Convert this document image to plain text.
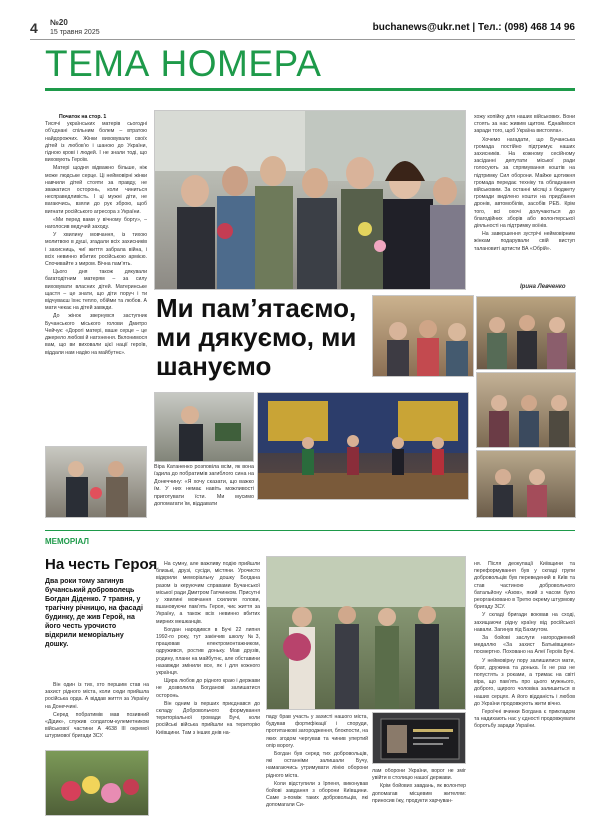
4 №20
15 травня 2025	buchanews@ukr.net | Тел.: (098) 468 14 96
ТЕМА НОМЕРА
Початок на стор. 1

Тисячі українських матерів сьогодні об’єднані спільним болем – втратою найдорожчих. Жінки виховували своїх дітей із любов’ю і шаною до України, гідною крові і людей. І не знали тоді, що виховують Героїв.

Матері щодня відважно більше, ніж може людське серце. Ці неймовірні жінки навчили дітей стояти за правду, не зважатися осторонь, коли чиниться несправедливість. І ці мужні діти, не вагаючись, взяли до рук зброю, щоб вигнати російського агресора з України.

«Ми перед вами у вічному боргу», – наголосив ведучий заходу.

У хвилину мовчання, із тихою молитвою в душі, згадали всіх захисників і захисниць, чиї життя забрала війна, і всіх невинно вбитих російською армією. Спочивайте з миром. Вічна пам’ять.

Цього дня також дякували багатодітним матерям – за силу виховувати власних дітей. Материнське щастя – це знати, що діти поруч і ти відчуваєш їхнє тепло, обійми та любов. А мати чекає на дітей завжди.

До жінок звернувся заступник Бучанського міського голови Дмитро Чейчук: «Дорогі матері, ваше серце – це джерело любові й натхнення. Вклонимося вам, що ви виховали цієї нації героїв, віддали нам надію на майбутнє».

Ми пам’ятаємо, ми дякуємо, ми шануємо

хожу копійку для наших військових. Вони стоять за нас живим щитом. Єднаймося заради того, щоб Україна вистояла».

Хочемо нагадати, що Бучанська громада постійно підтримує наших захисників. На кожному сесійному засіданні депутати міської ради голосують за спрямування коштів на підтримку Сил оборони. Майже щотижня громада передає техніку та обладнання військовим. За останні місяці з бюджету громади виділено кошти на придбання дронів, автомобілів, засобів РЕБ. Крім того, всі охочі долучаються до благодійних зборів або волонтерської діяльності на підтримку воїнів.

На завершення зустрічі неймовірним жінкам подарували свій виступ талановиті артисти ВА «Обрій».

Ірина Левченко
Віра Катаненко розповіла всім, як вона їздила до побратимів загиблого сина на Донеччину: «Я хочу сказати, що важко їм. У них немає навіть можливості приготувати їсти. Ми мусимо допомагати їм, віддавати
МЕМОРІАЛ
На честь Героя
Два роки тому загинув бучанський доброволець Богдан Діденко. 7 травня, у трагічну річницю, на фасаді будинку, де жив Герой, на його честь урочисто відкрили меморіальну дошку.

Він один із тих, хто першим став на захист рідного міста, коли сюди прийшла російська орда. А віддав життя за Україну на Донеччині.

Серед побратимів мав позивний «Дідик», служив солдатом-кулеметником військової частини А 4638 III окремої штурмової бригади ЗСУ.

На сумну, але важливу подію прийшли близькі, друзі, сусіди, містяни. Урочисто відкрили меморіальну дошку Богдана разом із керуючим справами Бучанської міської ради Дмитром Гапчинком. Присутні у хвилині мовчання схилили голови, вшановуючи пам’ять Героя, чиє життя за Україну, а також всіх невинно вбитих мирних мешканців.

Богдан народився в Бучі 22 липня 1992-го року, тут закінчив школу №3, працював електромонтажником, одружився, ростив доньку. Мав друзів, родину, плани на майбутнє, але обставини назавжди змінили все, як і для кожного українця.

Щира любов до рідного краю і держави не дозволила Богданові залишатися осторонь.

Він одним із перших приєднався до складу Добровольчого формування територіальної громади Бучі, коли російські війська прийшли на територію Київщини. Там з інших днів на-

паду брав участь у захисті нашого міста, будував фортифікації і споруди, протитанкові загородження, блокпости, на яких згодом чергував та чинив упертий опір ворогу.

Богдан був серед тих добровольців, які останніми залишали Бучу, намагаючись утримувати лінію оборони рідного міста.

Коли відступили з Ірпеня, виконував бойові завдання з оборони Київщини. Саме з-поміж таких добровольців, які допомагали Си-

лам оборони України, ворог не зміг увійти в столицю нашої держави.

Крім бойових завдань, як волонтер допомагав місцевим жителям: приносив їжу, продукти харчуван-

ня. Після деокупації Київщини та переформування був у складі групи добровольців був переведений в Київ та став частиною добровольчого батальйону «Азов», який з часом було реорганізовано в Третю окрему штурмову бригаду ЗСУ.

У складі бригади воював на сході, захищаючи рідну країну від російської навали. Загинув під Бахмутом.

За бойові заслуги нагороджений медаллю «За захист Батьківщини» посмертно. Поховано на Алеї Героїв Бучі.

У неймовірну пору залишилися мати, брат, дружина та донька. Їх не раз не попустять з роками, а тримає на світі віра, що пам’ять про цього мужнього, доброго, щирого чоловіка залишиться в наших серцях. А його відданість і любов до України продовжують жити вічно.

Героїчні вчинки Богдана є прикладом та надихають нас у єдності продовжувати боротьбу заради України.
